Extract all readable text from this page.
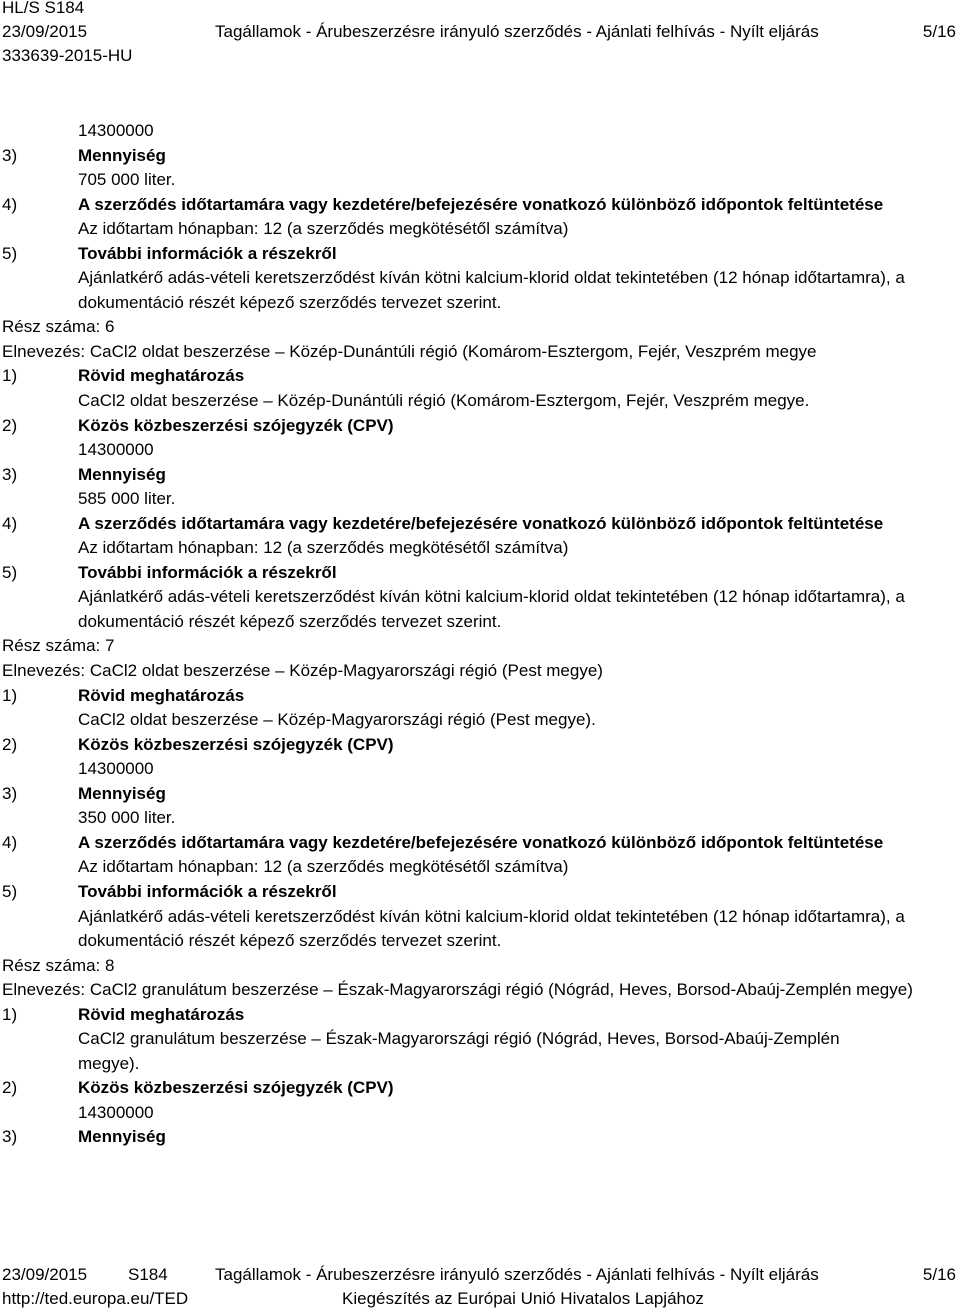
HL/S S184
23/09/2015
333639-2015-HU
Tagállamok - Árubeszerzésre irányuló szerződés - Ajánlati felhívás - Nyílt eljárás	5/16
14300000
3)	Mennyiség
705 000 liter.
4)	A szerződés időtartamára vagy kezdetére/befejezésére vonatkozó különböző időpontok feltüntetése
Az időtartam hónapban: 12 (a szerződés megkötésétől számítva)
5)	További információk a részekről
Ajánlatkérő adás-vételi keretszerződést kíván kötni kalcium-klorid oldat tekintetében (12 hónap időtartamra), a
dokumentáció részét képező szerződés tervezet szerint.
Rész száma: 6
Elnevezés: CaCl2 oldat beszerzése – Közép-Dunántúli régió (Komárom-Esztergom, Fejér, Veszprém megye
1)	Rövid meghatározás
CaCl2 oldat beszerzése – Közép-Dunántúli régió (Komárom-Esztergom, Fejér, Veszprém megye.
2)	Közös közbeszerzési szójegyzék (CPV)
14300000
3)	Mennyiség
585 000 liter.
4)	A szerződés időtartamára vagy kezdetére/befejezésére vonatkozó különböző időpontok feltüntetése
Az időtartam hónapban: 12 (a szerződés megkötésétől számítva)
5)	További információk a részekről
Ajánlatkérő adás-vételi keretszerződést kíván kötni kalcium-klorid oldat tekintetében (12 hónap időtartamra), a
dokumentáció részét képező szerződés tervezet szerint.
Rész száma: 7
Elnevezés: CaCl2 oldat beszerzése – Közép-Magyarországi régió (Pest megye)
1)	Rövid meghatározás
CaCl2 oldat beszerzése – Közép-Magyarországi régió (Pest megye).
2)	Közös közbeszerzési szójegyzék (CPV)
14300000
3)	Mennyiség
350 000 liter.
4)	A szerződés időtartamára vagy kezdetére/befejezésére vonatkozó különböző időpontok feltüntetése
Az időtartam hónapban: 12 (a szerződés megkötésétől számítva)
5)	További információk a részekről
Ajánlatkérő adás-vételi keretszerződést kíván kötni kalcium-klorid oldat tekintetében (12 hónap időtartamra), a
dokumentáció részét képező szerződés tervezet szerint.
Rész száma: 8
Elnevezés: CaCl2 granulátum beszerzése – Észak-Magyarországi régió (Nógrád, Heves, Borsod-Abaúj-Zemplén megye)
1)	Rövid meghatározás
CaCl2 granulátum beszerzése – Észak-Magyarországi régió (Nógrád, Heves, Borsod-Abaúj-Zemplén
megye).
2)	Közös közbeszerzési szójegyzék (CPV)
14300000
3)	Mennyiség
23/09/2015 S184	Tagállamok - Árubeszerzésre irányuló szerződés - Ajánlati felhívás - Nyílt eljárás	5/16
http://ted.europa.eu/TED	Kiegészítés az Európai Unió Hivatalos Lapjához
